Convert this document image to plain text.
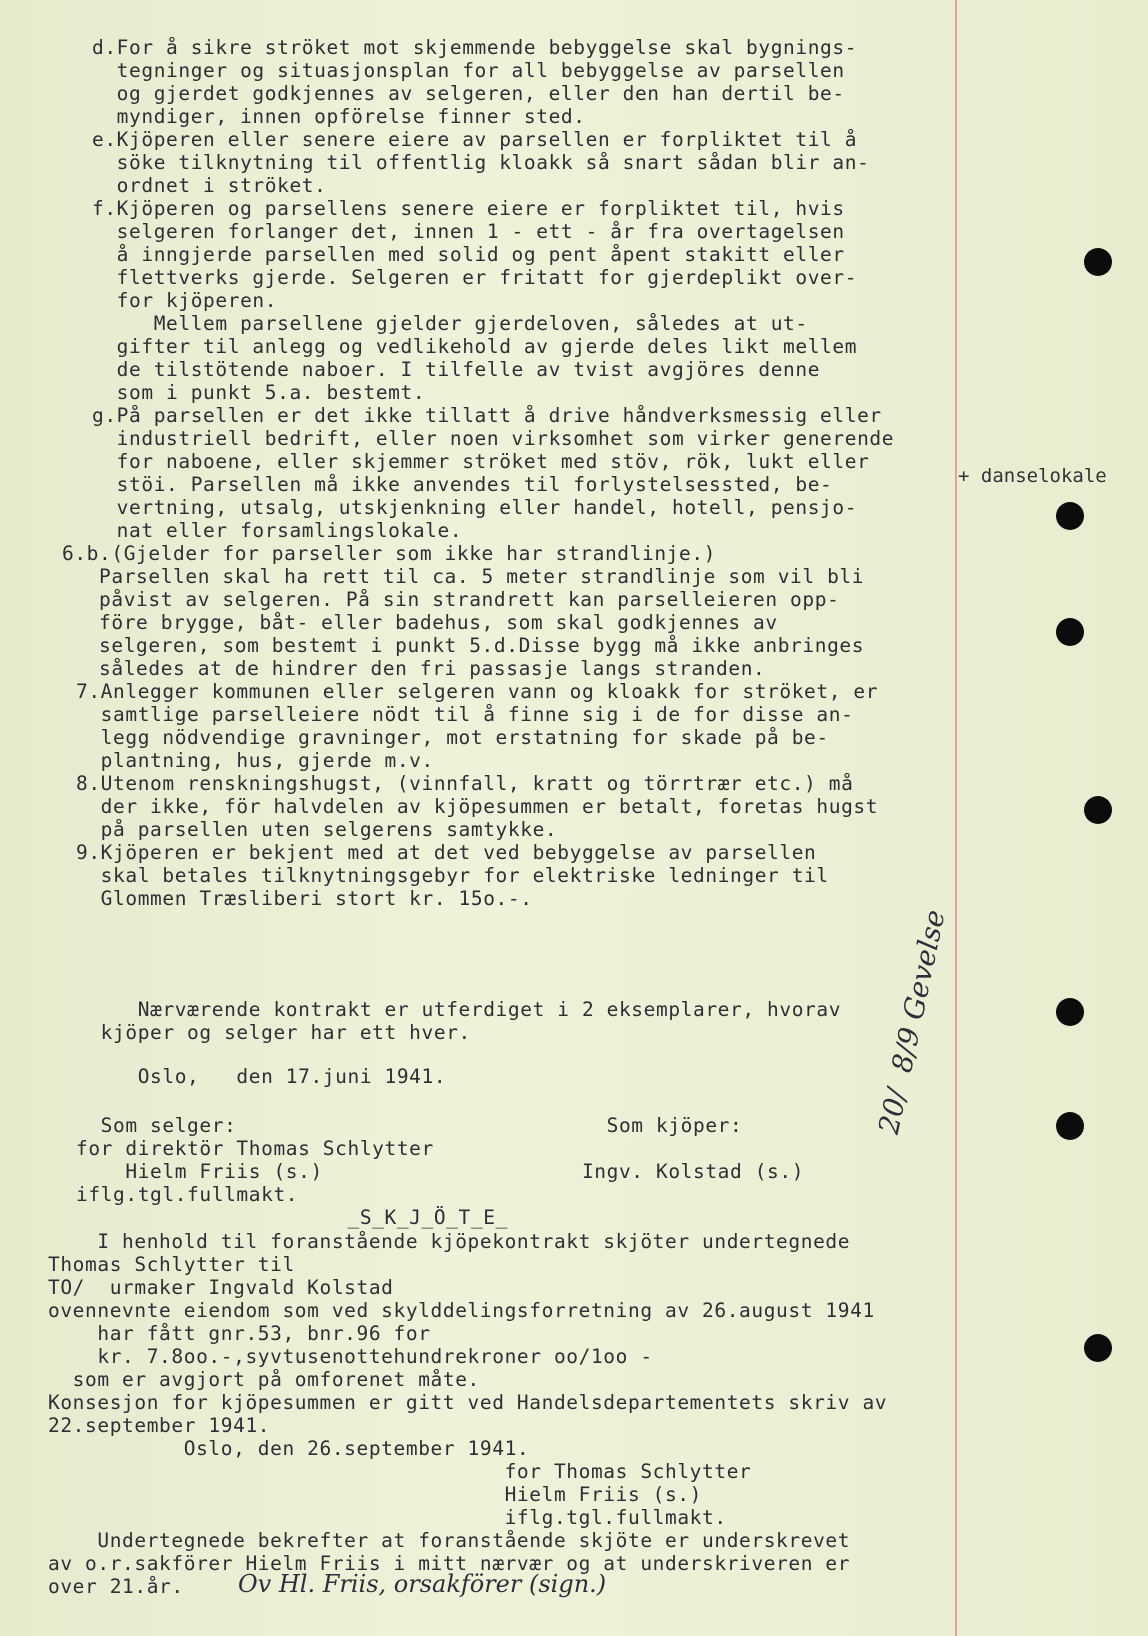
d.For å sikre ströket mot skjemmende bebyggelse skal bygnings-
tegninger og situasjonsplan for all bebyggelse av parsellen
og gjerdet godkjennes av selgeren, eller den han dertil be-
myndiger, innen opförelse finner sted.
e.Kjöperen eller senere eiere av parsellen er forpliktet til å
söke tilknytning til offentlig kloakk så snart sådan blir an-
ordnet i ströket.
f.Kjöperen og parsellens senere eiere er forpliktet til, hvis
selgeren forlanger det, innen 1 - ett - år fra overtagelsen
å inngjerde parsellen med solid og pent åpent stakitt eller
flettverks gjerde. Selgeren er fritatt for gjerdeplikt over-
for kjöperen.
Mellem parsellene gjelder gjerdeloven, således at ut-
gifter til anlegg og vedlikehold av gjerde deles likt mellem
de tilstötende naboer. I tilfelle av tvist avgjöres denne
som i punkt 5.a. bestemt.
g.På parsellen er det ikke tillatt å drive håndverksmessig eller
industriell bedrift, eller noen virksomhet som virker generende
for naboene, eller skjemmer ströket med stöv, rök, lukt eller
stöi. Parsellen må ikke anvendes til forlystelsessted, be-
vertning, utsalg, utskjenkning eller handel, hotell, pensjo-
nat eller forsamlingslokale.
6.b.(Gjelder for parseller som ikke har strandlinje.)
Parsellen skal ha rett til ca. 5 meter strandlinje som vil bli
påvist av selgeren. På sin strandrett kan parselleieren opp-
före brygge, båt- eller badehus, som skal godkjennes av
selgeren, som bestemt i punkt 5.d.Disse bygg må ikke anbringes
således at de hindrer den fri passasje langs stranden.
7.Anlegger kommunen eller selgeren vann og kloakk for ströket, er
samtlige parselleiere nödt til å finne sig i de for disse an-
legg nödvendige gravninger, mot erstatning for skade på be-
plantning, hus, gjerde m.v.
8.Utenom renskningshugst, (vinnfall, kratt og törrtrær etc.) må
der ikke, för halvdelen av kjöpesummen er betalt, foretas hugst
på parsellen uten selgerens samtykke.
9.Kjöperen er bekjent med at det ved bebyggelse av parsellen
skal betales tilknytningsgebyr for elektriske ledninger til
Glommen Træsliberi stort kr. 15o.-.
Nærværende kontrakt er utferdiget i 2 eksemplarer, hvorav
kjöper og selger har ett hver.
Oslo,   den 17.juni 1941.
Som selger:                              Som kjöper:
for direktör Thomas Schlytter
Hielm Friis (s.)                     Ingv. Kolstad (s.)
iflg.tgl.fullmakt.
_S_K_J_Ö_T_E_
I henhold til foranstående kjöpekontrakt skjöter undertegnede
Thomas Schlytter til
TO/  urmaker Ingvald Kolstad
ovennevnte eiendom som ved skylddelingsforretning av 26.august 1941
har fått gnr.53, bnr.96 for
kr. 7.8oo.-,syvtusenottehundrekroner oo/1oo -
som er avgjort på omforenet måte.
Konsesjon for kjöpesummen er gitt ved Handelsdepartementets skriv av
22.september 1941.
Oslo, den 26.september 1941.
for Thomas Schlytter
Hielm Friis (s.)
iflg.tgl.fullmakt.
Undertegnede bekrefter at foranstående skjöte er underskrevet
av o.r.sakförer Hielm Friis i mitt nærvær og at underskriveren er
over 21.år.
+ danselokale
20/  8/9 Gevelse
Ov Hl. Friis, orsakförer (sign.)
